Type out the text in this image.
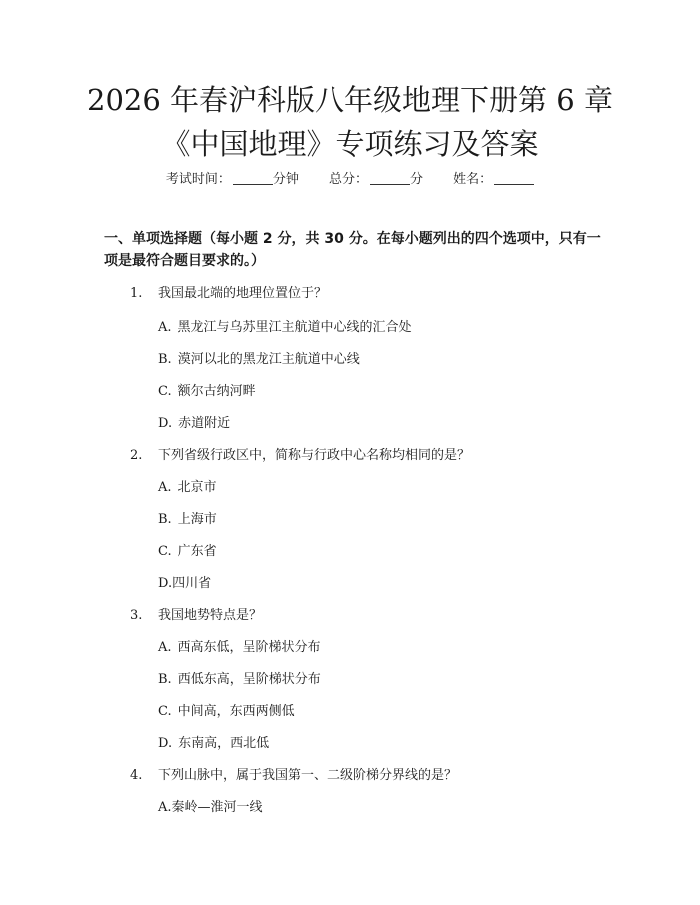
2026 年春沪科版八年级地理下册第 6 章《中国地理》专项练习及答案
考试时间：	分钟 总分：	分 姓名：
一、单项选择题（每小题 2 分，共 30 分。在每小题列出的四个选项中，只有一项是最符合题目要求的。）
1. 我国最北端的地理位置位于？
A. 黑龙江与乌苏里江主航道中心线的汇合处
B. 漠河以北的黑龙江主航道中心线
C. 额尔古纳河畔
D. 赤道附近
2. 下列省级行政区中，简称与行政中心名称均相同的是？
A. 北京市
B. 上海市
C. 广东省
D.四川省
3. 我国地势特点是？
A. 西高东低，呈阶梯状分布
B. 西低东高，呈阶梯状分布
C. 中间高，东西两侧低
D. 东南高，西北低
4. 下列山脉中，属于我国第一、二级阶梯分界线的是？
A.秦岭—淮河一线
